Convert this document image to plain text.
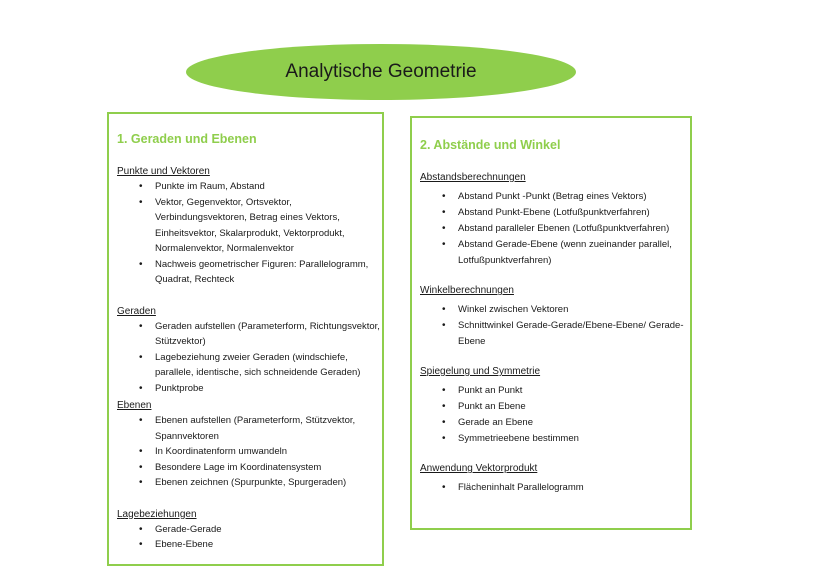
Analytische Geometrie
1. Geraden und Ebenen
Punkte und Vektoren
• Punkte im Raum, Abstand
• Vektor, Gegenvektor, Ortsvektor, Verbindungsvektoren, Betrag eines Vektors, Einheitsvektor, Skalarprodukt, Vektorprodukt, Normalenvektor, Normalenvektor
• Nachweis geometrischer Figuren: Parallelogramm, Quadrat, Rechteck
Geraden
• Geraden aufstellen (Parameterform, Richtungsvektor, Stützvektor)
• Lagebeziehung zweier Geraden (windschiefe, parallele, identische, sich schneidende Geraden)
• Punktprobe
Ebenen
• Ebenen aufstellen (Parameterform, Stützvektor, Spannvektoren
• In Koordinatenform umwandeln
• Besondere Lage im Koordinatensystem
• Ebenen zeichnen (Spurpunkte, Spurgeraden)
Lagebeziehungen
• Gerade-Gerade
• Ebene-Ebene
2. Abstände und Winkel
Abstandsberechnungen
• Abstand Punkt -Punkt (Betrag eines Vektors)
• Abstand Punkt-Ebene (Lotfußpunktverfahren)
• Abstand paralleler Ebenen (Lotfußpunktverfahren)
• Abstand Gerade-Ebene (wenn zueinander parallel, Lotfußpunktverfahren)
Winkelberechnungen
• Winkel zwischen Vektoren
• Schnittwinkel Gerade-Gerade/Ebene-Ebene/ Gerade-Ebene
Spiegelung und Symmetrie
• Punkt an Punkt
• Punkt an Ebene
• Gerade an Ebene
• Symmetrieebene bestimmen
Anwendung Vektorprodukt
• Flächeninhalt Parallelogramm
